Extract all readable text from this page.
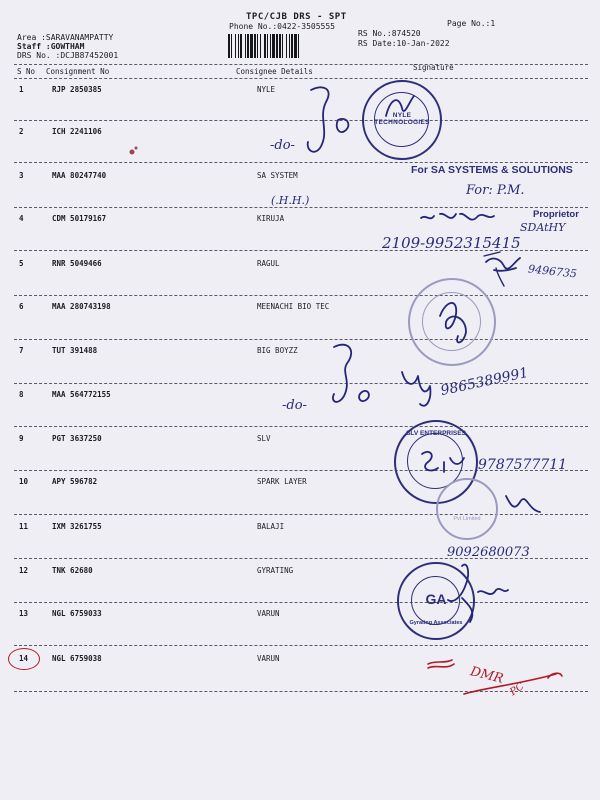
TPC/CJB DRS - SPT
Phone No.:0422-3505555	Page No.:1
RS No.:874520
RS Date:10-Jan-2022
Area :SARAVANAMPATTY
Staff :GOWTHAM
DRS No. :DCJB87452001
S No Consignment No	Consignee Details	Signature
1	RJP 2850385	NYLE
2	ICH 2241106
3	MAA 80247740	SA SYSTEM
4	CDM 50179167	KIRUJA
5	RNR 5049466	RAGUL
6	MAA 280743198	MEENACHI BIO TEC
7	TUT 391488	BIG BOYZZ
8	MAA 564772155
9	PGT 3637250	SLV
10	APY 596782	SPARK LAYER
11	IXM 3261755	BALAJI
12	TNK 62680	GYRATING
13	NGL 6759033	VARUN
14	NGL 6759038	VARUN
NYLE TECHNOLOGIES
SLV ENTERPRISES
Pvt Limited
GA
Gyrating Associates
For SA SYSTEMS & SOLUTIONS
Proprietor
-do-
-do-
(.H.H.)
For: P.M.
SDAtHY
2109-9952315415
9496735
9865389991
9787577711
9092680073
DMR
PC
